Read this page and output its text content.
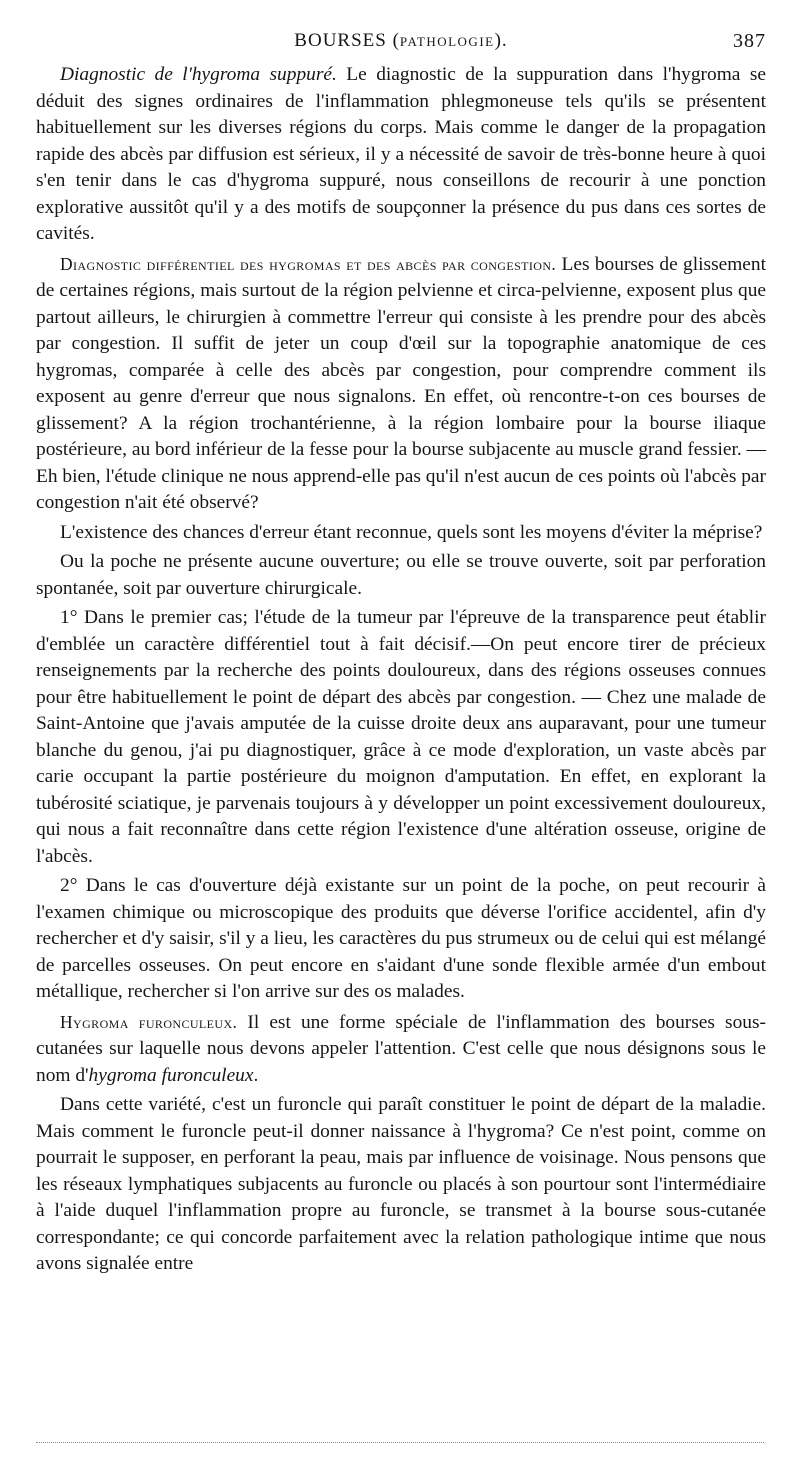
BOURSES (PATHOLOGIE).	387

Diagnostic de l'hygroma suppuré. Le diagnostic de la suppuration dans l'hygroma se déduit des signes ordinaires de l'inflammation phlegmoneuse tels qu'ils se présentent habituellement sur les diverses régions du corps. Mais comme le danger de la propagation rapide des abcès par diffusion est sérieux, il y a nécessité de savoir de très-bonne heure à quoi s'en tenir dans le cas d'hygroma suppuré, nous conseillons de recourir à une ponction explorative aussitôt qu'il y a des motifs de soupçonner la présence du pus dans ces sortes de cavités.

Diagnostic différentiel des hygromas et des abcès par congestion. Les bourses de glissement de certaines régions, mais surtout de la région pelvienne et circa-pelvienne, exposent plus que partout ailleurs, le chirurgien à commettre l'erreur qui consiste à les prendre pour des abcès par congestion. Il suffit de jeter un coup d'œil sur la topographie anatomique de ces hygromas, comparée à celle des abcès par congestion, pour comprendre comment ils exposent au genre d'erreur que nous signalons. En effet, où rencontre-t-on ces bourses de glissement? A la région trochantérienne, à la région lombaire pour la bourse iliaque postérieure, au bord inférieur de la fesse pour la bourse subjacente au muscle grand fessier. — Eh bien, l'étude clinique ne nous apprend-elle pas qu'il n'est aucun de ces points où l'abcès par congestion n'ait été observé?

L'existence des chances d'erreur étant reconnue, quels sont les moyens d'éviter la méprise?

Ou la poche ne présente aucune ouverture; ou elle se trouve ouverte, soit par perforation spontanée, soit par ouverture chirurgicale.

1° Dans le premier cas; l'étude de la tumeur par l'épreuve de la transparence peut établir d'emblée un caractère différentiel tout à fait décisif.—On peut encore tirer de précieux renseignements par la recherche des points douloureux, dans des régions osseuses connues pour être habituellement le point de départ des abcès par congestion. — Chez une malade de Saint-Antoine que j'avais amputée de la cuisse droite deux ans auparavant, pour une tumeur blanche du genou, j'ai pu diagnostiquer, grâce à ce mode d'exploration, un vaste abcès par carie occupant la partie postérieure du moignon d'amputation. En effet, en explorant la tubérosité sciatique, je parvenais toujours à y développer un point excessivement douloureux, qui nous a fait reconnaître dans cette région l'existence d'une altération osseuse, origine de l'abcès.

2° Dans le cas d'ouverture déjà existante sur un point de la poche, on peut recourir à l'examen chimique ou microscopique des produits que déverse l'orifice accidentel, afin d'y rechercher et d'y saisir, s'il y a lieu, les caractères du pus strumeux ou de celui qui est mélangé de parcelles osseuses. On peut encore en s'aidant d'une sonde flexible armée d'un embout métallique, rechercher si l'on arrive sur des os malades.

Hygroma furonculeux. Il est une forme spéciale de l'inflammation des bourses sous-cutanées sur laquelle nous devons appeler l'attention. C'est celle que nous désignons sous le nom d'hygroma furonculeux.

Dans cette variété, c'est un furoncle qui paraît constituer le point de départ de la maladie. Mais comment le furoncle peut-il donner naissance à l'hygroma? Ce n'est point, comme on pourrait le supposer, en perforant la peau, mais par influence de voisinage. Nous pensons que les réseaux lymphatiques subjacents au furoncle ou placés à son pourtour sont l'intermédiaire à l'aide duquel l'inflammation propre au furoncle, se transmet à la bourse sous-cutanée correspondante; ce qui concorde parfaitement avec la relation pathologique intime que nous avons signalée entre
